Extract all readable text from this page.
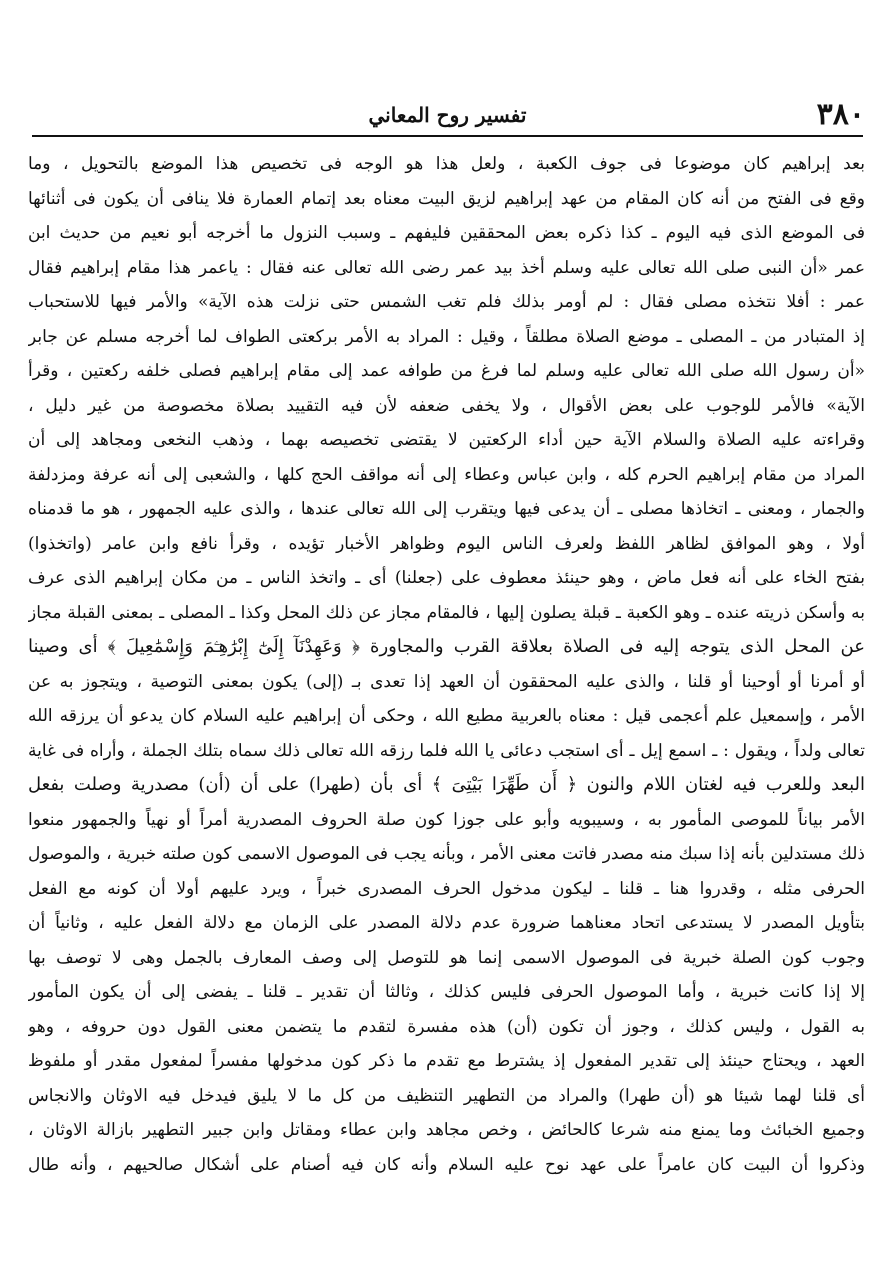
٣٨٠
تفسير روح المعاني
بعد إبراهيم كان موضوعا فى جوف الكعبة ، ولعل هذا هو الوجه فى تخصيص هذا الموضع بالتحويل ، وما
وقع فى الفتح من أنه كان المقام من عهد إبراهيم لزيق البيت معناه بعد إتمام العمارة فلا ينافى أن يكون فى أثنائها
فى الموضع الذى فيه اليوم ـ كذا ذكره بعض المحققين فليفهم ـ وسبب النزول ما أخرجه أبو نعيم من حديث ابن
عمر «أن النبى صلى الله تعالى عليه وسلم أخذ بيد عمر رضى الله تعالى عنه فقال : ياعمر هذا مقام إبراهيم فقال
عمر : أفلا نتخذه مصلى فقال : لم أومر بذلك فلم تغب الشمس حتى نزلت هذه الآية» والأمر فيها للاستحباب
إذ المتبادر من ـ المصلى ـ موضع الصلاة مطلقاً ، وقيل : المراد به الأمر بركعتى الطواف لما أخرجه مسلم عن جابر
«أن رسول الله صلى الله تعالى عليه وسلم لما فرغ من طوافه عمد إلى مقام إبراهيم فصلى خلفه ركعتين ، وقرأ
الآية» فالأمر للوجوب على بعض الأقوال ، ولا يخفى ضعفه لأن فيه التقييد بصلاة مخصوصة من غير دليل ،
وقراءته عليه الصلاة والسلام الآية حين أداء الركعتين لا يقتضى تخصيصه بهما ، وذهب النخعى ومجاهد إلى أن
المراد من مقام إبراهيم الحرم كله ، وابن عباس وعطاء إلى أنه مواقف الحج كلها ، والشعبى إلى أنه عرفة ومزدلفة
والجمار ، ومعنى ـ اتخاذها مصلى ـ أن يدعى فيها ويتقرب إلى الله تعالى عندها ، والذى عليه الجمهور ، هو ما قدمناه
أولا ، وهو الموافق لظاهر اللفظ ولعرف الناس اليوم وظواهر الأخبار تؤيده ، وقرأ نافع وابن عامر (واتخذوا)
بفتح الخاء على أنه فعل ماض ، وهو حينئذ معطوف على (جعلنا) أى ـ واتخذ الناس ـ من مكان إبراهيم الذى عرف
به وأسكن ذريته عنده ـ وهو الكعبة ـ قبلة يصلون إليها ، فالمقام مجاز عن ذلك المحل وكذا ـ المصلى ـ بمعنى القبلة مجاز
عن المحل الذى يتوجه إليه فى الصلاة بعلاقة القرب والمجاورة ﴿ وَعَهِدْنَآ إِلَىٰٓ إِبْرَٰهِـۧمَ وَإِسْمَٰعِيلَ ﴾ أى وصينا
أو أمرنا أو أوحينا أو قلنا ، والذى عليه المحققون أن العهد إذا تعدى بـ (إلى) يكون بمعنى التوصية ، ويتجوز به عن
الأمر ، وإسمعيل علم أعجمى قيل : معناه بالعربية مطيع الله ، وحكى أن إبراهيم عليه السلام كان يدعو أن يرزقه الله
تعالى ولداً ، ويقول : ـ اسمع إيل ـ أى استجب دعائى يا الله فلما رزقه الله تعالى ذلك سماه بتلك الجملة ، وأراه فى غاية
البعد وللعرب فيه لغتان اللام والنون ﴿ أَن طَهِّرَا بَيْتِىَ ﴾ أى بأن (طهرا) على أن (أن) مصدرية وصلت بفعل
الأمر بياناً للموصى المأمور به ، وسيبويه وأبو على جوزا كون صلة الحروف المصدرية أمراً أو نهياً والجمهور منعوا
ذلك مستدلين بأنه إذا سبك منه مصدر فاتت معنى الأمر ، وبأنه يجب فى الموصول الاسمى كون صلته خبرية ، والموصول
الحرفى مثله ، وقدروا هنا ـ قلنا ـ ليكون مدخول الحرف المصدرى خبراً ، ويرد عليهم أولا أن كونه مع الفعل
بتأويل المصدر لا يستدعى اتحاد معناهما ضرورة عدم دلالة المصدر على الزمان مع دلالة الفعل عليه ، وثانياً أن
وجوب كون الصلة خبرية فى الموصول الاسمى إنما هو للتوصل إلى وصف المعارف بالجمل وهى لا توصف بها
إلا إذا كانت خبرية ، وأما الموصول الحرفى فليس كذلك ، وثالثا أن تقدير ـ قلنا ـ يفضى إلى أن يكون المأمور
به القول ، وليس كذلك ، وجوز أن تكون (أن) هذه مفسرة لتقدم ما يتضمن معنى القول دون حروفه ، وهو
العهد ، ويحتاج حينئذ إلى تقدير المفعول إذ يشترط مع تقدم ما ذكر كون مدخولها مفسراً لمفعول مقدر أو ملفوظ
أى قلنا لهما شيئا هو (أن طهرا) والمراد من التطهير التنظيف من كل ما لا يليق فيدخل فيه الاوثان والانجاس
وجميع الخبائث وما يمنع منه شرعا كالحائض ، وخص مجاهد وابن عطاء ومقاتل وابن جبير التطهير بازالة الاوثان ،
وذكروا أن البيت كان عامراً على عهد نوح عليه السلام وأنه كان فيه أصنام على أشكال صالحيهم ، وأنه طال
